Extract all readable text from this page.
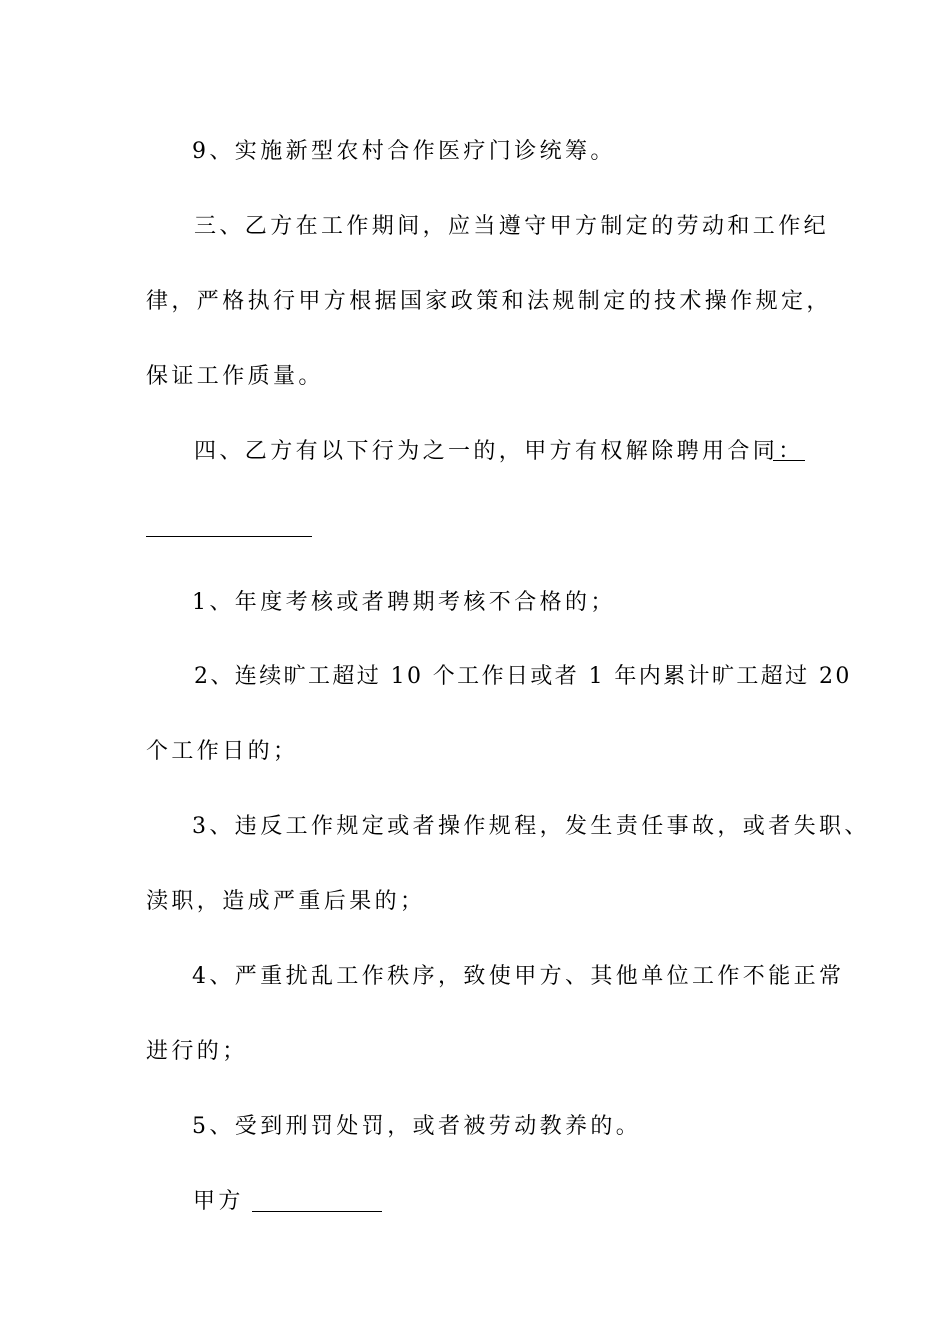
9、实施新型农村合作医疗门诊统筹。
三、乙方在工作期间，应当遵守甲方制定的劳动和工作纪
律，严格执行甲方根据国家政策和法规制定的技术操作规定，
保证工作质量。
四、乙方有以下行为之一的，甲方有权解除聘用合同：
1、年度考核或者聘期考核不合格的；
2、连续旷工超过 10 个工作日或者 1 年内累计旷工超过 20
个工作日的；
3、违反工作规定或者操作规程，发生责任事故，或者失职、
渎职，造成严重后果的；
4、严重扰乱工作秩序，致使甲方、其他单位工作不能正常
进行的；
5、受到刑罚处罚，或者被劳动教养的。
甲方
